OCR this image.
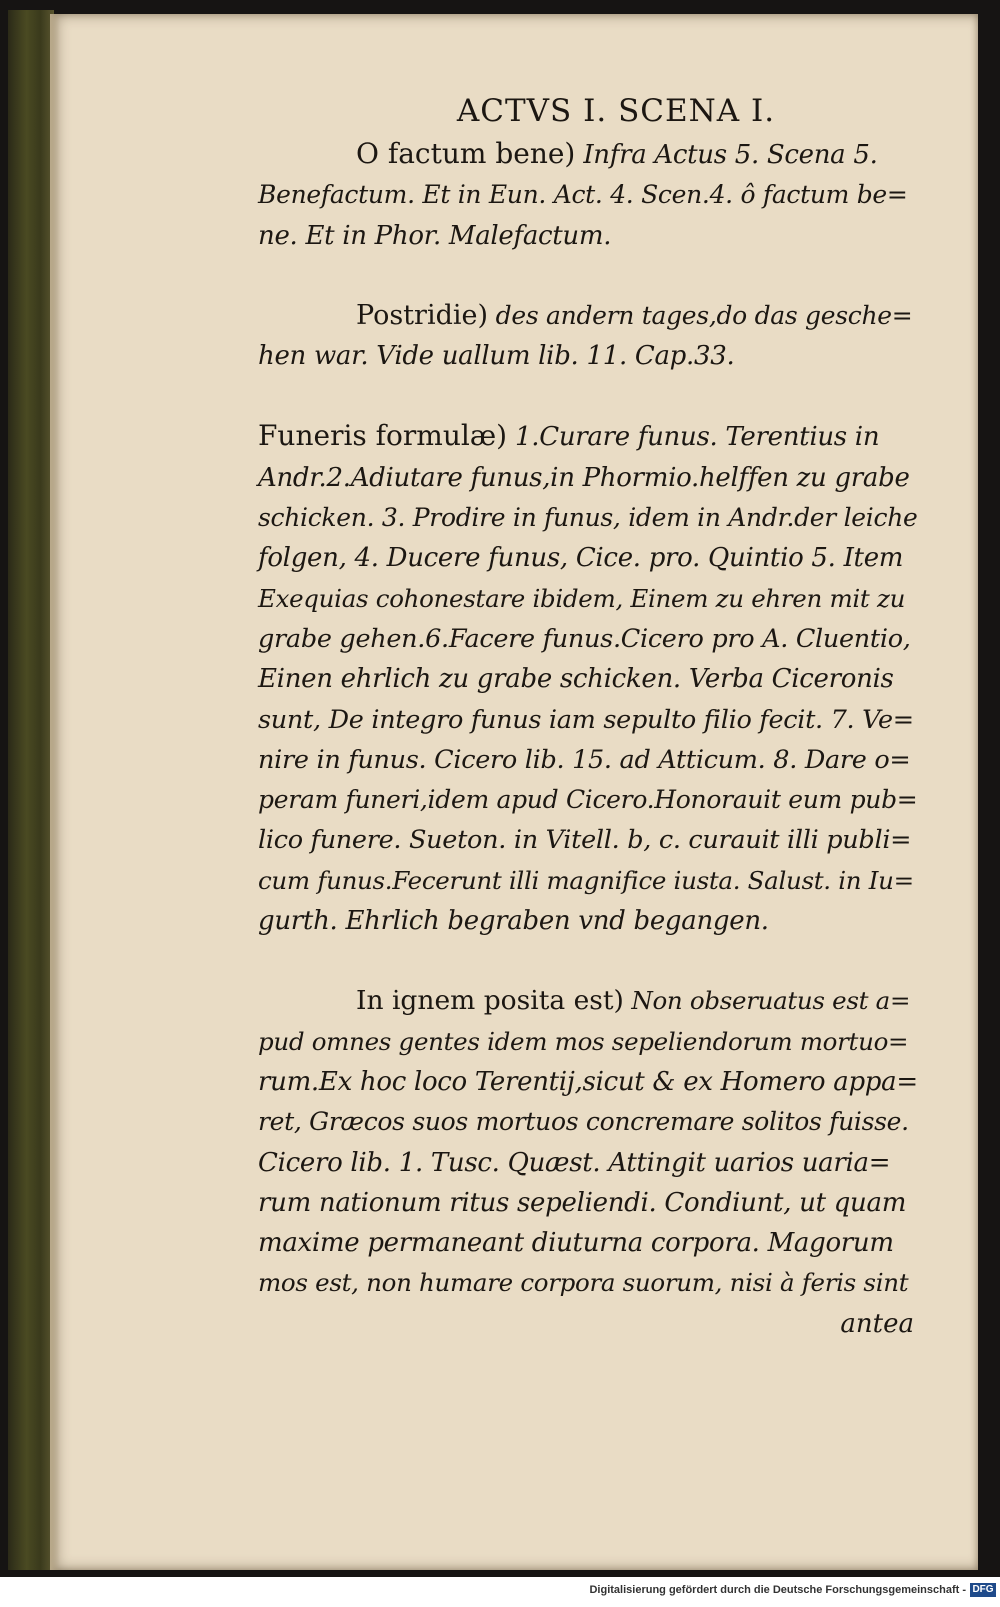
ACTVS I. SCENA I.
O factum bene) Infra Actus 5. Scena 5.
Benefactum. Et in Eun. Act. 4. Scen.4. ô factum be=
ne. Et in Phor. Malefactum.
Postridie) des andern tages,do das gesche=
hen war. Vide uallum lib. 11. Cap.33.
Funeris formulæ) 1.Curare funus. Terentius in
Andr.2.Adiutare funus,in Phormio.helffen zu grabe
schicken. 3. Prodire in funus, idem in Andr.der leiche
folgen, 4. Ducere funus, Cice. pro. Quintio 5. Item
Exequias cohonestare ibidem, Einem zu ehren mit zu
grabe gehen.6.Facere funus.Cicero pro A. Cluentio,
Einen ehrlich zu grabe schicken. Verba Ciceronis
sunt, De integro funus iam sepulto filio fecit. 7. Ve=
nire in funus. Cicero lib. 15. ad Atticum. 8. Dare o=
peram funeri,idem apud Cicero.Honorauit eum pub=
lico funere. Sueton. in Vitell. b, c. curauit illi publi=
cum funus.Fecerunt illi magnifice iusta. Salust. in Iu=
gurth. Ehrlich begraben vnd begangen.
In ignem posita est) Non obseruatus est a=
pud omnes gentes idem mos sepeliendorum mortuo=
rum.Ex hoc loco Terentij,sicut & ex Homero appa=
ret, Græcos suos mortuos concremare solitos fuisse.
Cicero lib. 1. Tusc. Quæst. Attingit uarios uaria=
rum nationum ritus sepeliendi. Condiunt, ut quam
maxime permaneant diuturna corpora. Magorum
mos est, non humare corpora suorum, nisi à feris sint
antea
Digitalisierung gefördert durch die Deutsche Forschungsgemeinschaft - DFG
